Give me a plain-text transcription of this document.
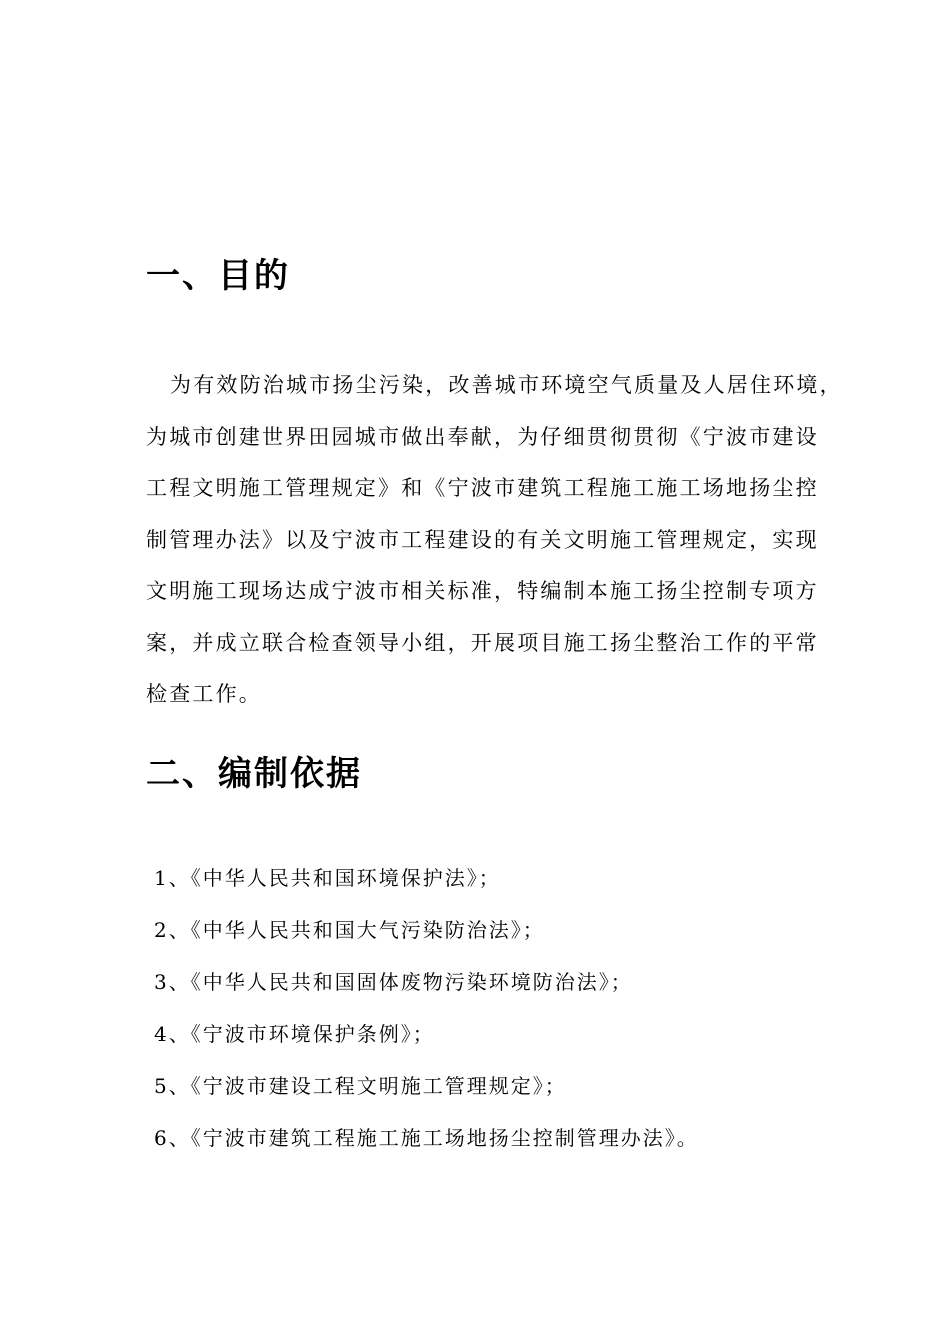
一、目的
为有效防治城市扬尘污染，改善城市环境空气质量及人居住环境，
为城市创建世界田园城市做出奉献，为仔细贯彻贯彻《宁波市建设
工程文明施工管理规定》和《宁波市建筑工程施工施工场地扬尘控
制管理办法》以及宁波市工程建设的有关文明施工管理规定，实现
文明施工现场达成宁波市相关标准，特编制本施工扬尘控制专项方
案，并成立联合检查领导小组，开展项目施工扬尘整治工作的平常
检查工作。
二、编制依据
1、《中华人民共和国环境保护法》；
2、《中华人民共和国大气污染防治法》；
3、《中华人民共和国固体废物污染环境防治法》；
4、《宁波市环境保护条例》；
5、《宁波市建设工程文明施工管理规定》；
6、《宁波市建筑工程施工施工场地扬尘控制管理办法》。
